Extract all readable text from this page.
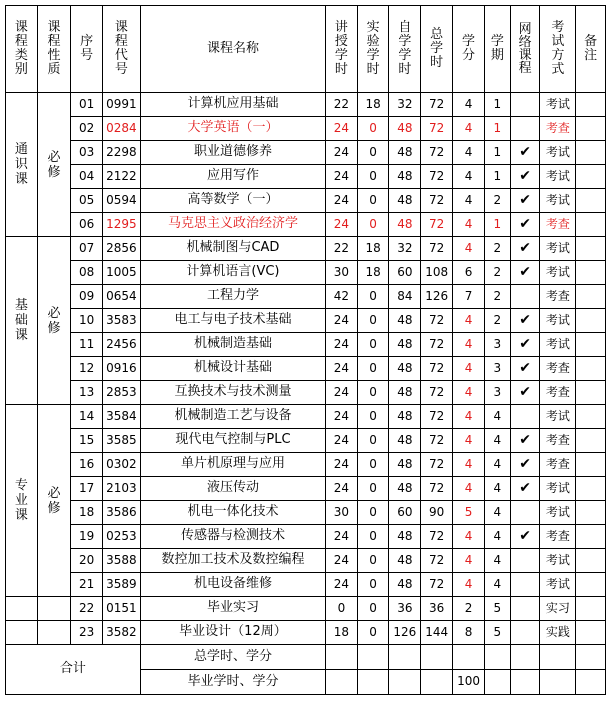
课程类别	课程性质	序号	课程代号	课程名称	讲授学时	实验学时	自学学时	总学时	学分	学期	网络课程	考试方式	备注

通识课	必修	01	0991	计算机应用基础	22	18	32	72	4	1		考试	
		02	0284	大学英语（一）	24	0	48	72	4	1		考查	
		03	2298	职业道德修养	24	0	48	72	4	1	✔	考试	
		04	2122	应用写作	24	0	48	72	4	1	✔	考试	
		05	0594	高等数学（一）	24	0	48	72	4	2	✔	考试	
		06	1295	马克思主义政治经济学	24	0	48	72	4	1	✔	考查	

基础课	必修	07	2856	机械制图与CAD	22	18	32	72	4	2	✔	考试	
		08	1005	计算机语言(VC)	30	18	60	108	6	2	✔	考试	
		09	0654	工程力学	42	0	84	126	7	2		考查	
		10	3583	电工与电子技术基础	24	0	48	72	4	2	✔	考试	
		11	2456	机械制造基础	24	0	48	72	4	3	✔	考试	
		12	0916	机械设计基础	24	0	48	72	4	3	✔	考查	
		13	2853	互换技术与技术测量	24	0	48	72	4	3	✔	考查	

专业课	必修	14	3584	机械制造工艺与设备	24	0	48	72	4	4		考试	
		15	3585	现代电气控制与PLC	24	0	48	72	4	4	✔	考查	
		16	0302	单片机原理与应用	24	0	48	72	4	4	✔	考查	
		17	2103	液压传动	24	0	48	72	4	4	✔	考试	
		18	3586	机电一体化技术	30	0	60	90	5	4		考试	
		19	0253	传感器与检测技术	24	0	48	72	4	4	✔	考查	
		20	3588	数控加工技术及数控编程	24	0	48	72	4	4		考试	
		21	3589	机电设备维修	24	0	48	72	4	4		考试	
		22	0151	毕业实习	0	0	36	36	2	5		实习	
		23	3582	毕业设计（12周）	18	0	126	144	8	5		实践	
合计				总学时、学分									
				毕业学时、学分					100				
